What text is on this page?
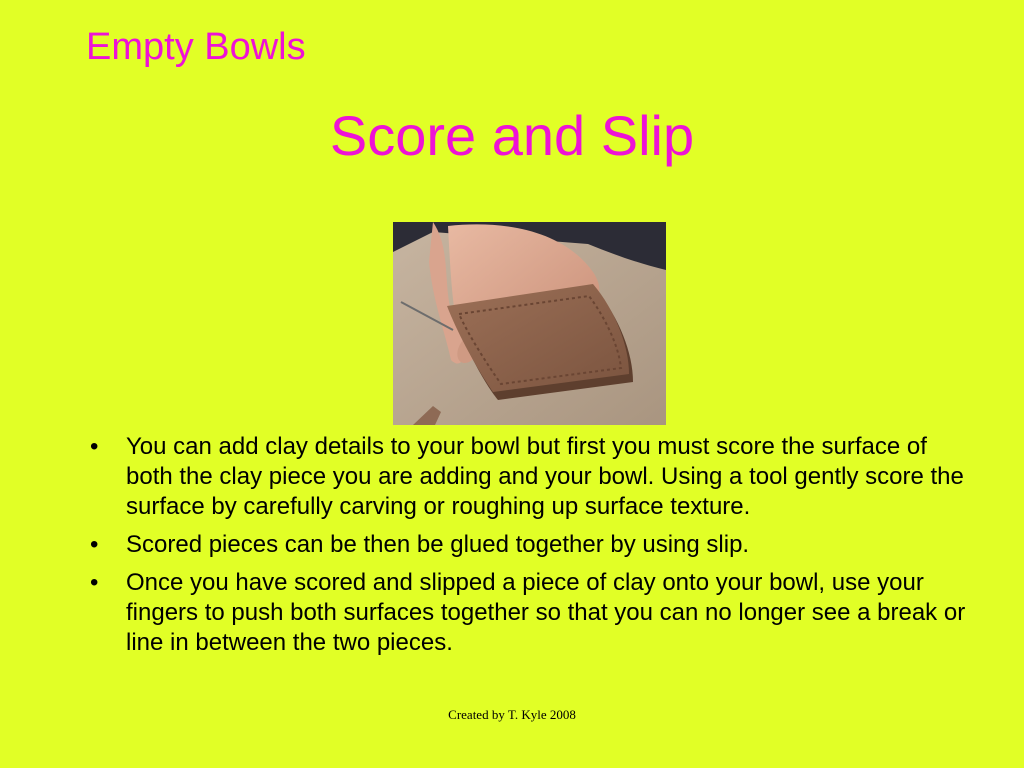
Empty Bowls
Score and Slip
• You can add clay details to your bowl but first you must score the surface of both the clay piece you are adding and your bowl. Using a tool gently score the surface by carefully carving or roughing up surface texture.
• Scored pieces can be then be glued together by using slip.
• Once you have scored and slipped a piece of clay onto your bowl, use your fingers to push both surfaces together so that you can no longer see a break or line in between the two pieces.
Created by T. Kyle 2008
